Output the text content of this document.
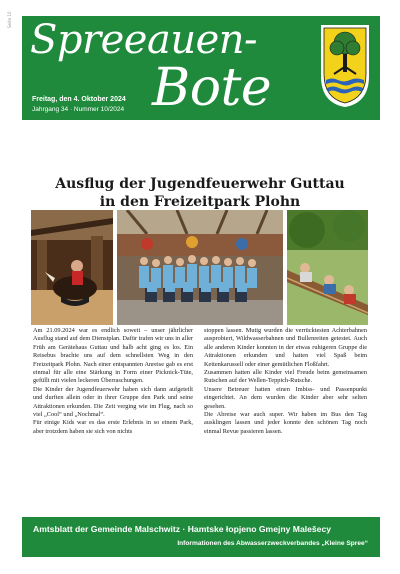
Seite 10 Spreeauen-
Bote
Freitag, den 4. Oktober 2024
Jahrgang 34 · Nummer 10/2024
Ausflug der Jugendfeuerwehr Guttau
in den Freizeitpark Plohn

Am 21.09.2024 war es endlich soweit – unser jährlicher Ausflug stand auf dem Dienstplan. Dafür trafen wir uns in aller Früh am Gerätehaus Guttau und halb acht ging es los. Ein Reisebus brachte uns auf dem schnellsten Weg in den Freizeitpark Plohn. Nach einer entspannten Anreise gab es erst einmal für alle eine Stärkung in Form einer Picknick-Tüte, gefüllt mit vielen leckeren Überraschungen.

Die Kinder der Jugendfeuerwehr haben sich dann aufgeteilt und durften allein oder in ihrer Gruppe den Park und seine Attraktionen erkunden. Die Zeit verging wie im Flug, nach so viel „Cool“ und „Nochmal“.

Für einige Kids war es das erste Erlebnis in so einem Park, aber trotzdem haben sie sich von nichts

stoppen lassen. Mutig wurden die verrücktesten Achterbahnen ausprobiert, Wildwasserbahnen und Bullenreiten getestet. Auch alle anderen Kinder konnten in der etwas ruhigeren Gruppe die Attraktionen erkunden und hatten viel Spaß beim Kettenkarussell oder einer gemütlichen Floßfahrt.

Zusammen hatten alle Kinder viel Freude beim gemeinsamen Rutschen auf der Wellen-Teppich-Rutsche.

Unsere Betreuer hatten einen Imbiss- und Passenpunkt eingerichtet. An dem wurden die Kinder aber sehr selten gesehen.

Die Abreise war auch super. Wir haben im Bus den Tag ausklingen lassen und jeder konnte den schönen Tag noch einmal Revue passieren lassen.

Amtsblatt der Gemeinde Malschwitz · Hamtske łopjeno Gmejny Malešecy
Informationen des Abwasserzweckverbandes „Kleine Spree“
